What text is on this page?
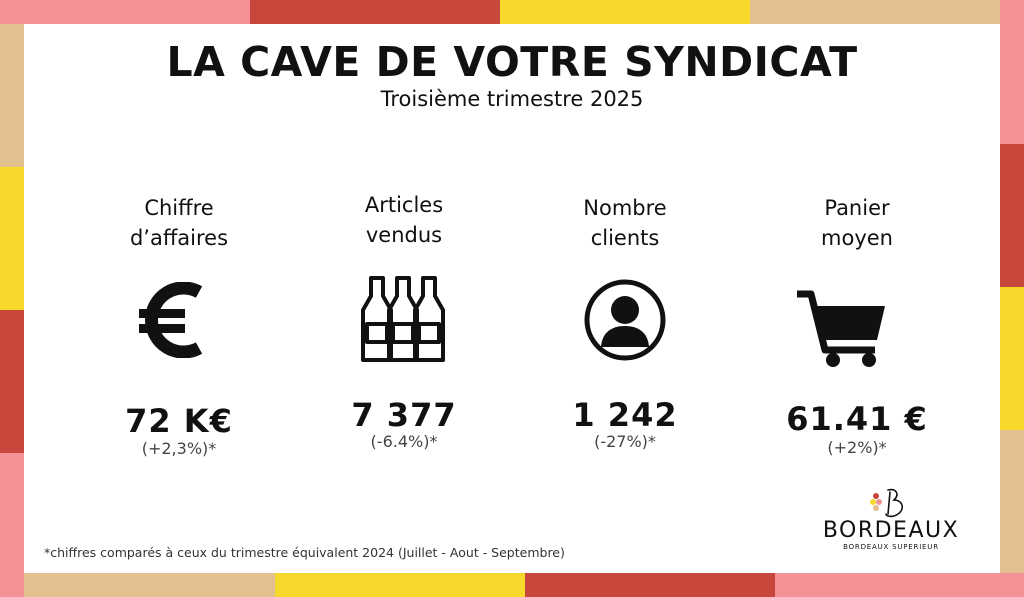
LA CAVE DE VOTRE SYNDICAT
Troisième trimestre 2025
Chiffre
d’affaires
72 K€
(+2,3%)*
Articles
vendus
7 377
(-6.4%)*
Nombre
clients
1 242
(-27%)*
Panier
moyen
61.41 €
(+2%)*
*chiffres comparés à ceux du trimestre équivalent 2024 (Juillet - Aout - Septembre)
BORDEAUX
BORDEAUX SUPERIEUR
